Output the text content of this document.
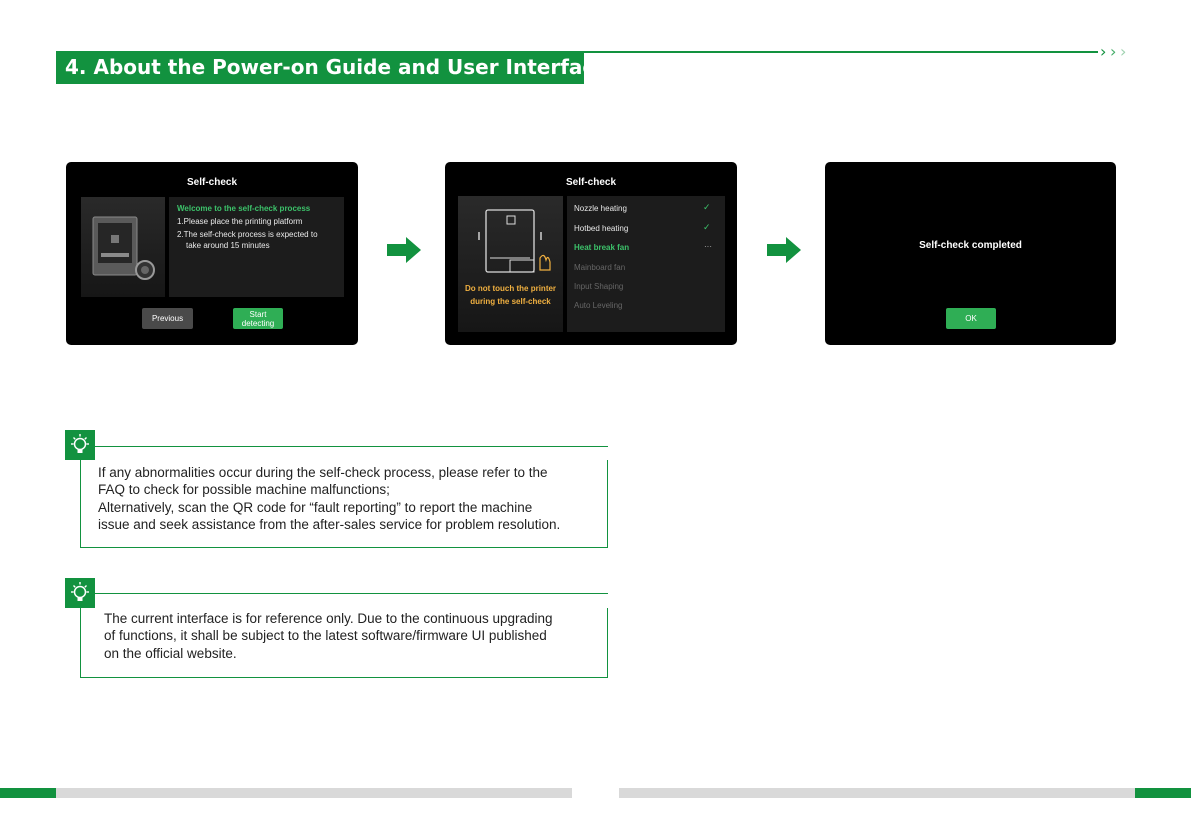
4. About the Power-on Guide and User Interface
› › ›
Self-check
Welcome to the self-check process
1.Please place the printing platform
2.The self-check process is expected to
take around 15 minutes
Previous	Start
detecting
Self-check
Do not touch the printer
during the self-check
Nozzle heating	✓
Hotbed heating	✓
Heat break fan	···
Mainboard fan
Input Shaping
Auto Leveling
Self-check completed
OK
If any abnormalities occur during the self-check process, please refer to the
FAQ to check for possible machine malfunctions;
Alternatively, scan the QR code for “fault reporting” to report the machine
issue and seek assistance from the after-sales service for problem resolution.
The current interface is for reference only. Due to the continuous upgrading
of functions, it shall be subject to the latest software/firmware UI published
on the official website.
